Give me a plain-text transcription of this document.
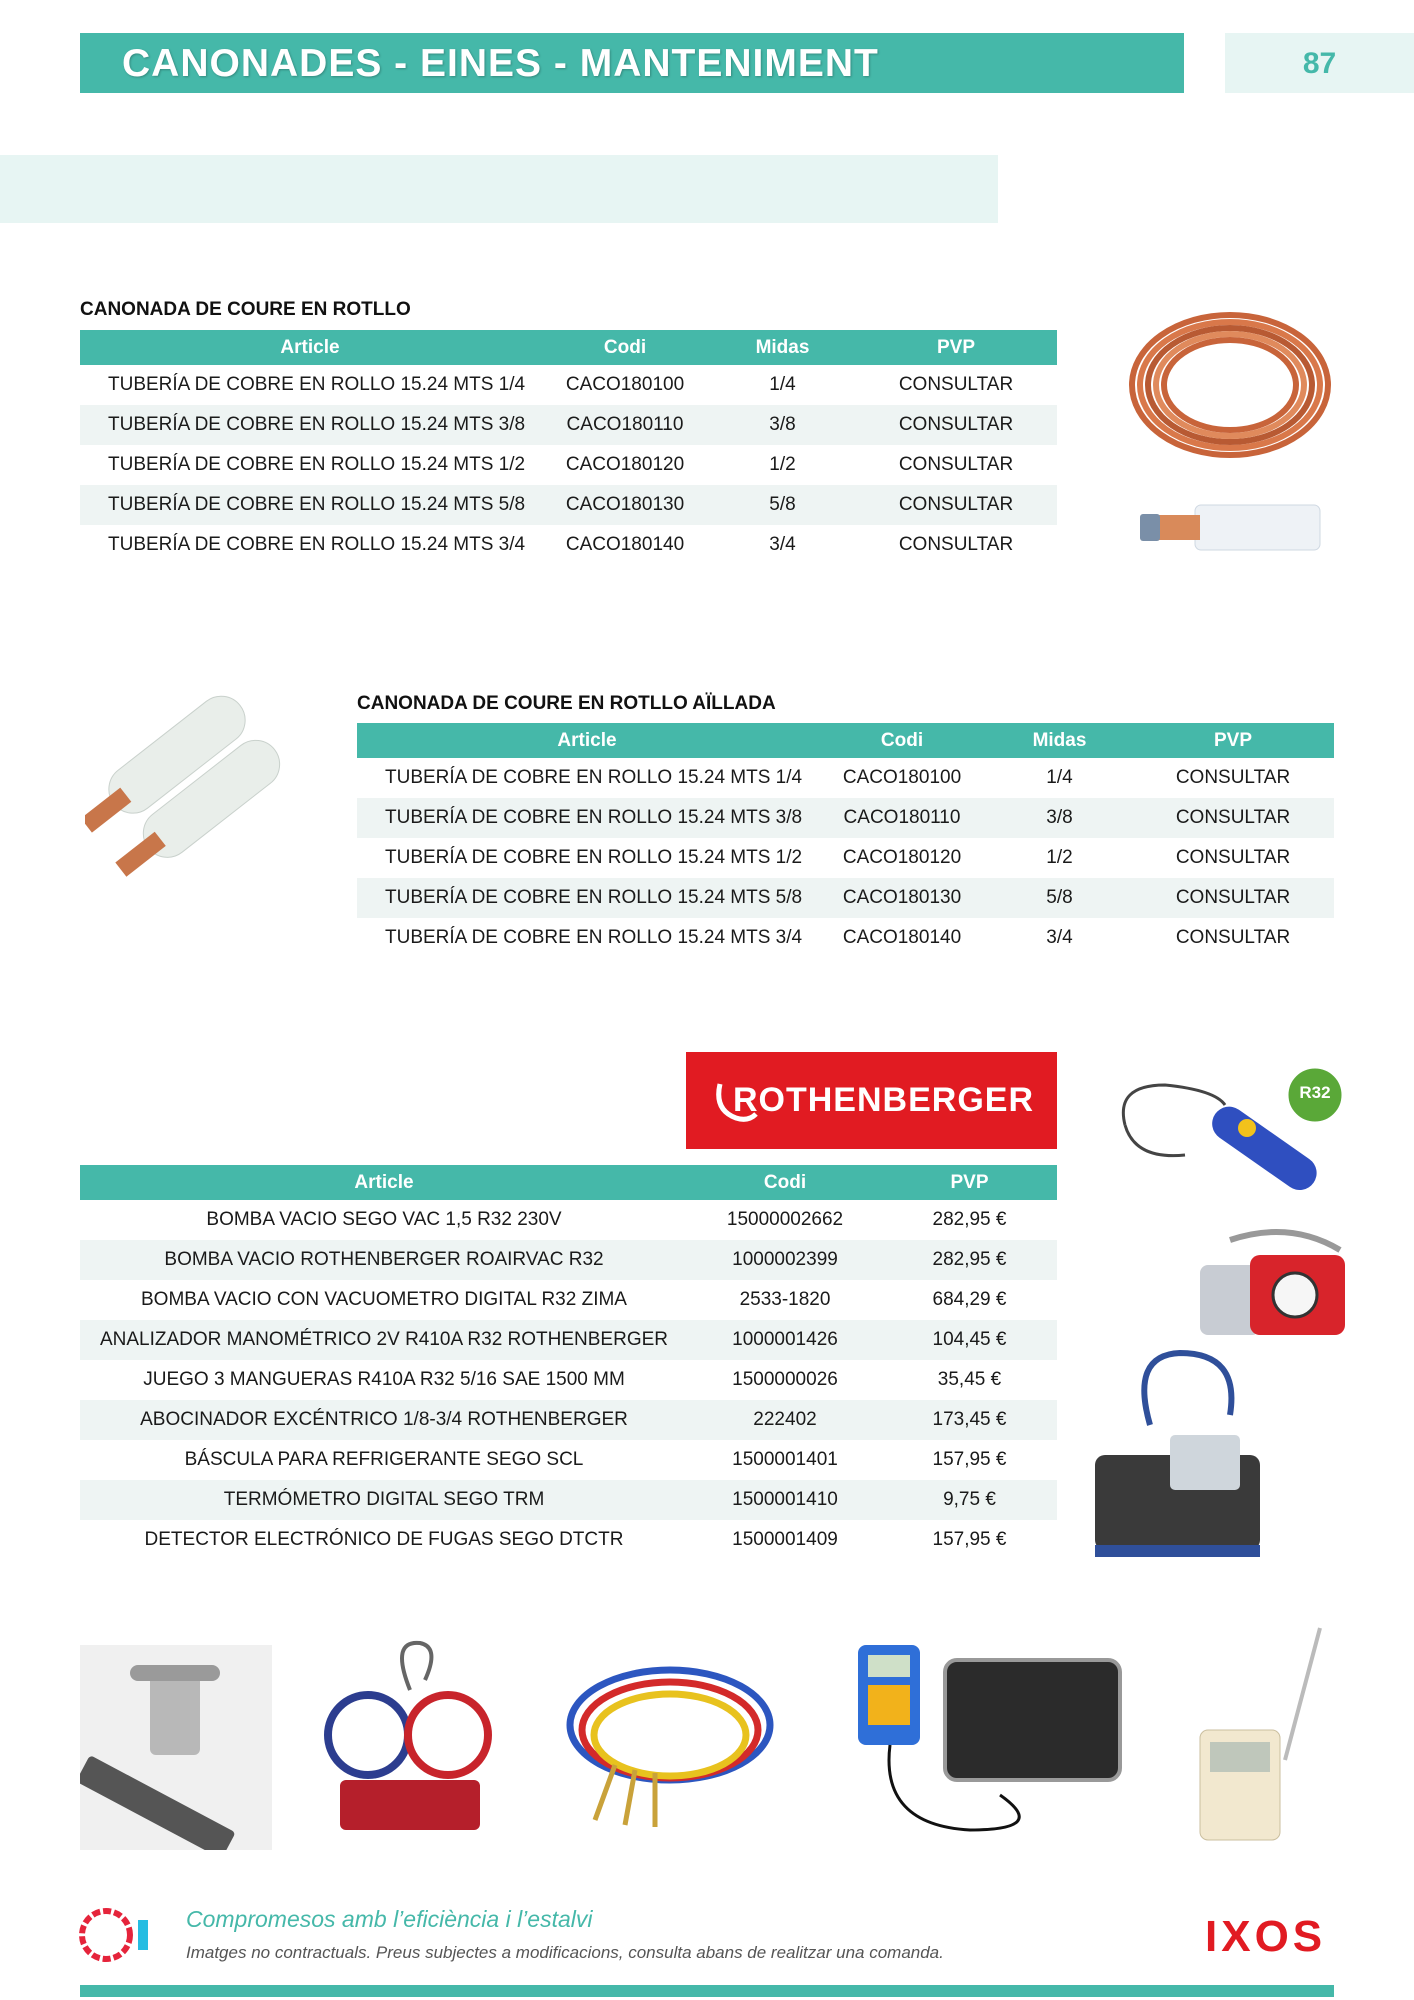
CANONADES - EINES - MANTENIMENT	87
CANONADA DE COURE EN ROTLLO
Article	Codi	Midas	PVP
TUBERÍA DE COBRE EN ROLLO 15.24 MTS 1/4	CACO180100	1/4	CONSULTAR
TUBERÍA DE COBRE EN ROLLO 15.24 MTS 3/8	CACO180110	3/8	CONSULTAR
TUBERÍA DE COBRE EN ROLLO 15.24 MTS 1/2	CACO180120	1/2	CONSULTAR
TUBERÍA DE COBRE EN ROLLO 15.24 MTS 5/8	CACO180130	5/8	CONSULTAR
TUBERÍA DE COBRE EN ROLLO 15.24 MTS 3/4	CACO180140	3/4	CONSULTAR
CANONADA DE COURE EN ROTLLO AÏLLADA
Article	Codi	Midas	PVP
TUBERÍA DE COBRE EN ROLLO 15.24 MTS 1/4	CACO180100	1/4	CONSULTAR
TUBERÍA DE COBRE EN ROLLO 15.24 MTS 3/8	CACO180110	3/8	CONSULTAR
TUBERÍA DE COBRE EN ROLLO 15.24 MTS 1/2	CACO180120	1/2	CONSULTAR
TUBERÍA DE COBRE EN ROLLO 15.24 MTS 5/8	CACO180130	5/8	CONSULTAR
TUBERÍA DE COBRE EN ROLLO 15.24 MTS 3/4	CACO180140	3/4	CONSULTAR
ROTHENBERGER
Article	Codi	PVP
BOMBA VACIO SEGO VAC 1,5 R32 230V	15000002662	282,95 €
BOMBA VACIO ROTHENBERGER ROAIRVAC R32	1000002399	282,95 €
BOMBA VACIO CON VACUOMETRO DIGITAL R32 ZIMA	2533-1820	684,29 €
ANALIZADOR MANOMÉTRICO 2V R410A R32 ROTHENBERGER	1000001426	104,45 €
JUEGO 3 MANGUERAS R410A R32 5/16 SAE 1500 MM	1500000026	35,45 €
ABOCINADOR EXCÉNTRICO 1/8-3/4 ROTHENBERGER	222402	173,45 €
BÁSCULA PARA REFRIGERANTE SEGO SCL	1500001401	157,95 €
TERMÓMETRO DIGITAL SEGO TRM	1500001410	9,75 €
DETECTOR ELECTRÓNICO DE FUGAS SEGO DTCTR	1500001409	157,95 €
R32
Compromesos amb l’eficiència i l’estalvi
Imatges no contractuals. Preus subjectes a modificacions, consulta abans de realitzar una comanda.	IXOS
